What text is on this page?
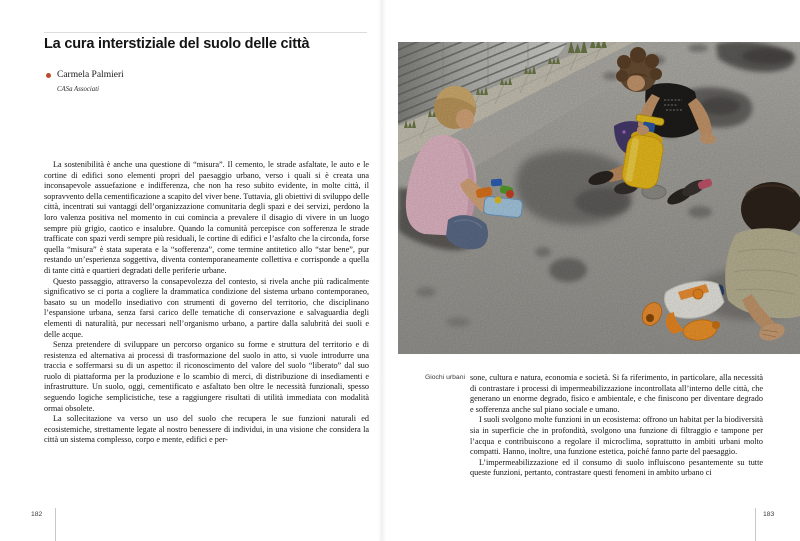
La cura interstiziale del suolo delle città
Carmela Palmieri
CASa Associati

La sostenibilità è anche una questione di “misura”. Il cemento, le strade asfaltate, le auto e le cortine di edifici sono elementi propri del paesaggio urbano, verso i quali si è creata una inconsapevole assuefazione e indifferenza, che non ha reso subito evidente, in molte città, il sopravvento della cementificazione a scapito del viver bene. Tuttavia, gli obiettivi di sviluppo delle città, incentrati sui vantaggi dell’organizzazione comunitaria degli spazi e dei servizi, perdono la loro valenza positiva nel momento in cui comincia a prevalere il disagio di vivere in un luogo sempre più grigio, caotico e insalubre. Quando la comunità percepisce con sofferenza le strade trafficate con spazi verdi sempre più residuali, le cortine di edifici e l’asfalto che la circonda, forse quella “misura” è stata superata e la “sofferenza”, come termine antitetico allo “star bene”, pur restando un’esperienza soggettiva, diventa contemporaneamente collettiva e corrisponde a quella di tante città e quartieri degradati delle periferie urbane.

Questo passaggio, attraverso la consapevolezza del contesto, si rivela anche più radicalmente significativo se ci porta a cogliere la drammatica condizione del sistema urbano contemporaneo, basato su un modello insediativo con strumenti di governo del territorio, che disciplinano l’espansione urbana, senza farsi carico delle tematiche di conservazione e salvaguardia degli elementi di naturalità, pur necessari nell’organismo urbano, a partire dalla salubrità dei suoli e delle acque.

Senza pretendere di sviluppare un percorso organico su forme e struttura del territorio e di resistenza ed alternativa ai processi di trasformazione del suolo in atto, si vuole introdurre una traccia e soffermarsi su di un aspetto: il riconoscimento del valore del suolo “liberato” dal suo ruolo di piattaforma per la produzione e lo scambio di merci, di distribuzione di insediamenti e infrastrutture. Un suolo, oggi, cementificato e asfaltato ben oltre le necessità funzionali, spesso seguendo logiche semplicistiche, tese a raggiungere risultati di utilità immediata con modalità ormai obsolete.

La sollecitazione va verso un uso del suolo che recupera le sue funzioni naturali ed ecosistemiche, strettamente legate al nostro benessere di individui, in una visione che considera la città un sistema complesso, corpo e mente, edifici e per-

182
Giochi urbani sone, cultura e natura, economia e società. Si fa riferimento, in particolare, alla necessità di contrastare i processi di impermeabilizzazione incontrollata all’interno delle città, che generano un enorme degrado, fisico e ambientale, e che finiscono per diventare degrado e sofferenza anche sul piano sociale e umano.

I suoli svolgono molte funzioni in un ecosistema: offrono un habitat per la biodiversità sia in superficie che in profondità, svolgono una funzione di filtraggio e tampone per l’acqua e contribuiscono a regolare il microclima, soprattutto in ambiti urbani molto compatti. Hanno, inoltre, una funzione estetica, poiché fanno parte del paesaggio.

L’impermeabilizzazione ed il consumo di suolo influiscono pesantemente su tutte queste funzioni, pertanto, contrastare questi fenomeni in ambito urbano ci

183
